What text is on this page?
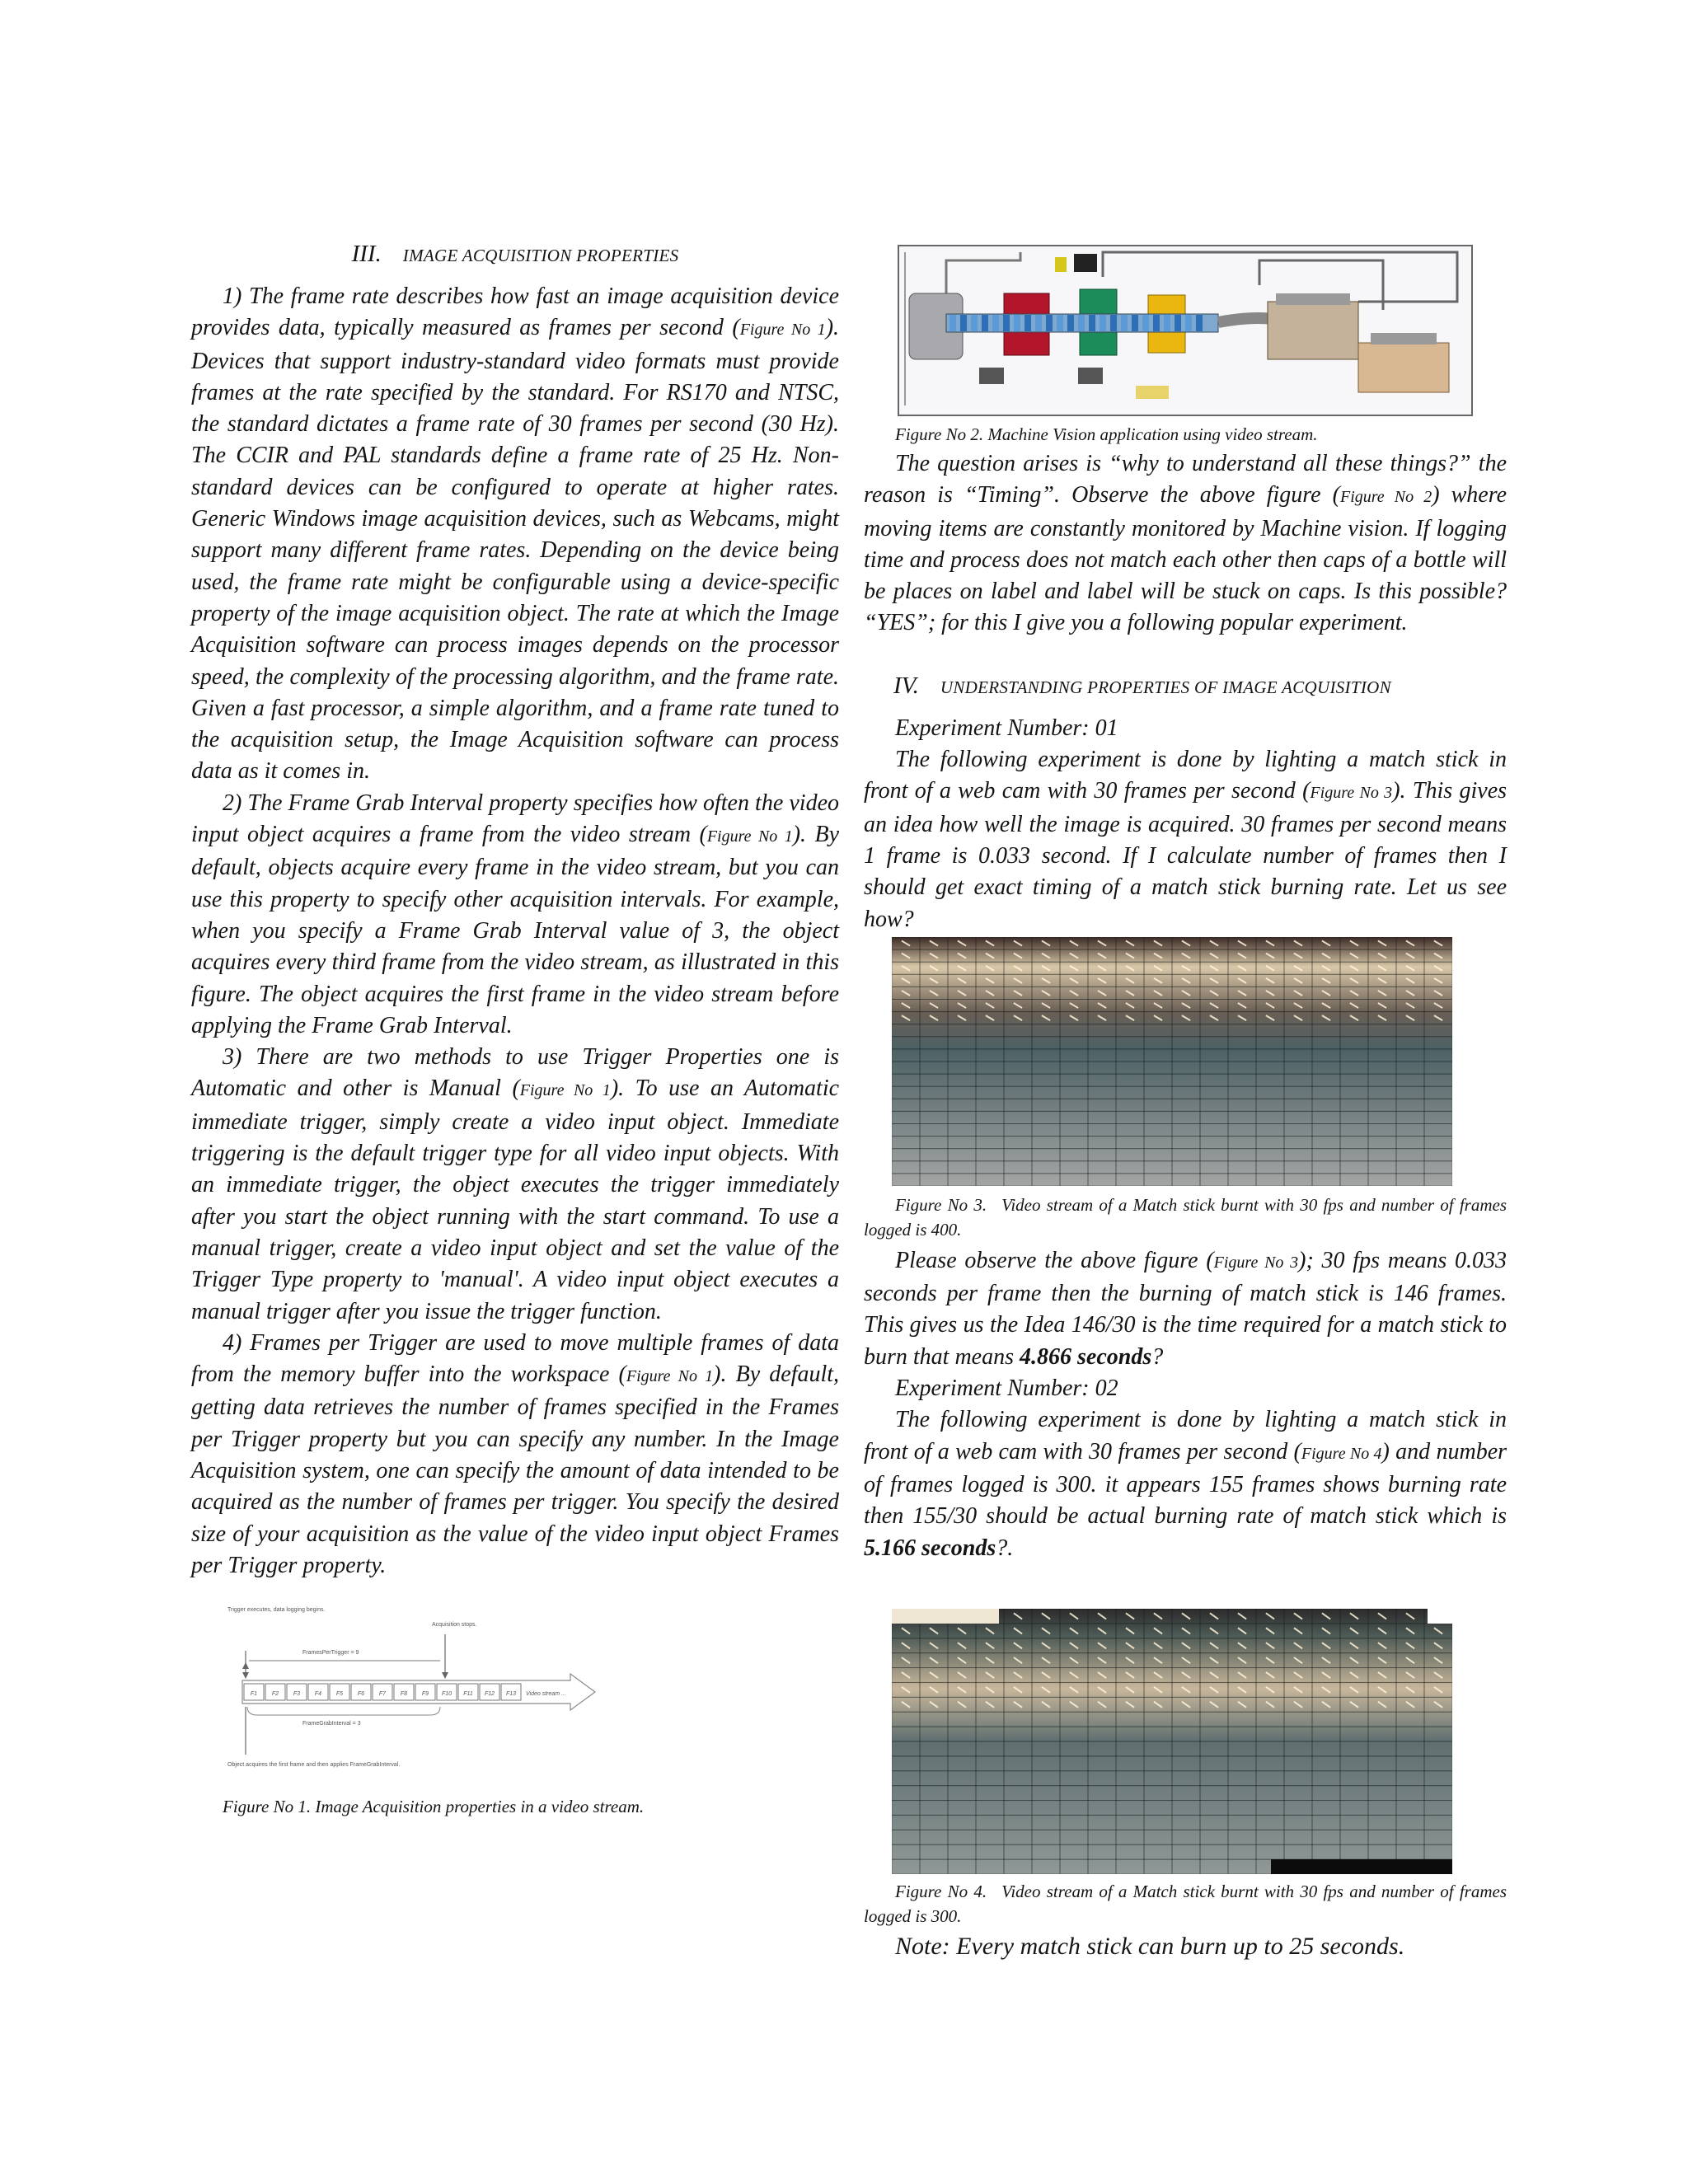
III. IMAGE ACQUISITION PROPERTIES

1) The frame rate describes how fast an image acquisition device provides data, typically measured as frames per second (Figure No 1). Devices that support industry-standard video formats must provide frames at the rate specified by the standard. For RS170 and NTSC, the standard dictates a frame rate of 30 frames per second (30 Hz). The CCIR and PAL standards define a frame rate of 25 Hz. Non-standard devices can be configured to operate at higher rates. Generic Windows image acquisition devices, such as Webcams, might support many different frame rates. Depending on the device being used, the frame rate might be configurable using a device-specific property of the image acquisition object. The rate at which the Image Acquisition software can process images depends on the processor speed, the complexity of the processing algorithm, and the frame rate. Given a fast processor, a simple algorithm, and a frame rate tuned to the acquisition setup, the Image Acquisition software can process data as it comes in.

2) The Frame Grab Interval property specifies how often the video input object acquires a frame from the video stream (Figure No 1). By default, objects acquire every frame in the video stream, but you can use this property to specify other acquisition intervals. For example, when you specify a Frame Grab Interval value of 3, the object acquires every third frame from the video stream, as illustrated in this figure. The object acquires the first frame in the video stream before applying the Frame Grab Interval.

3) There are two methods to use Trigger Properties one is Automatic and other is Manual (Figure No 1). To use an Automatic immediate trigger, simply create a video input object. Immediate triggering is the default trigger type for all video input objects. With an immediate trigger, the object executes the trigger immediately after you start the object running with the start command. To use a manual trigger, create a video input object and set the value of the Trigger Type property to 'manual'. A video input object executes a manual trigger after you issue the trigger function.

4) Frames per Trigger are used to move multiple frames of data from the memory buffer into the workspace (Figure No 1). By default, getting data retrieves the number of frames specified in the Frames per Trigger property but you can specify any number. In the Image Acquisition system, one can specify the amount of data intended to be acquired as the number of frames per trigger. You specify the desired size of your acquisition as the value of the video input object Frames per Trigger property.

Trigger executes, data logging begins.
Acquisition stops.
FramesPerTrigger = 9
FrameGrabInterval = 3
Object acquires the first frame and then applies FrameGrabInterval.
F1	F2	F3	F4	F5	F6	F7	F8	F9 F10 F11 F12 F13 Video stream ...
Figure No 1. Image Acquisition properties in a video stream.
Figure No 2. Machine Vision application using video stream.

The question arises is “why to understand all these things?” the reason is “Timing”. Observe the above figure (Figure No 2) where moving items are constantly monitored by Machine vision. If logging time and process does not match each other then caps of a bottle will be places on label and label will be stuck on caps. Is this possible? “YES”; for this I give you a following popular experiment.

IV. UNDERSTANDING PROPERTIES OF IMAGE ACQUISITION

Experiment Number: 01

The following experiment is done by lighting a match stick in front of a web cam with 30 frames per second (Figure No 3). This gives an idea how well the image is acquired. 30 frames per second means 1 frame is 0.033 second. If I calculate number of frames then I should get exact timing of a match stick burning rate. Let us see how?

Figure No 3. Video stream of a Match stick burnt with 30 fps and number of frames logged is 400.

Please observe the above figure (Figure No 3); 30 fps means 0.033 seconds per frame then the burning of match stick is 146 frames. This gives us the Idea 146/30 is the time required for a match stick to burn that means 4.866 seconds?

Experiment Number: 02

The following experiment is done by lighting a match stick in front of a web cam with 30 frames per second (Figure No 4) and number of frames logged is 300. it appears 155 frames shows burning rate then 155/30 should be actual burning rate of match stick which is 5.166 seconds?.

Figure No 4. Video stream of a Match stick burnt with 30 fps and number of frames logged is 300.

Note: Every match stick can burn up to 25 seconds.
